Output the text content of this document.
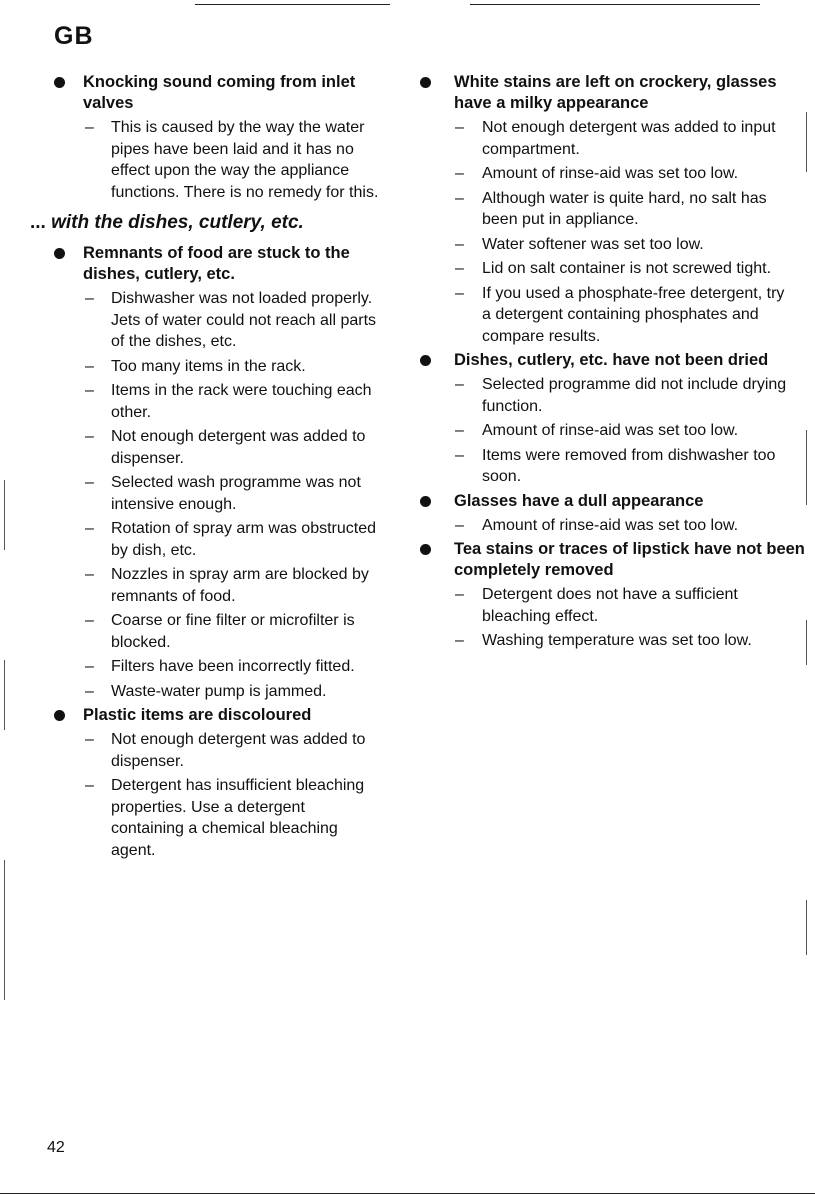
GB

Knocking sound coming from inlet valves

– This is caused by the way the water pipes have been laid and it has no effect upon the way the appliance functions. There is no remedy for this.
... with the dishes, cutlery, etc.

Remnants of food are stuck to the dishes, cutlery, etc.

– Dishwasher was not loaded properly. Jets of water could not reach all parts of the dishes, etc.
– Too many items in the rack.
– Items in the rack were touching each other.
– Not enough detergent was added to dispenser.
– Selected wash programme was not intensive enough.
– Rotation of spray arm was obstructed by dish, etc.
– Nozzles in spray arm are blocked by remnants of food.
– Coarse or fine filter or microfilter is blocked.
– Filters have been incorrectly fitted.
– Waste-water pump is jammed.

Plastic items are discoloured

– Not enough detergent was added to dispenser.
– Detergent has insufficient bleaching properties. Use a detergent containing a chemical bleaching agent.

White stains are left on crockery, glasses have a milky appearance

– Not enough detergent was added to input compartment.
– Amount of rinse-aid was set too low.
– Although water is quite hard, no salt has been put in appliance.
– Water softener was set too low.
– Lid on salt container is not screwed tight.
– If you used a phosphate-free detergent, try a detergent containing phosphates and compare results.

Dishes, cutlery, etc. have not been dried

– Selected programme did not include drying function.
– Amount of rinse-aid was set too low.
– Items were removed from dishwasher too soon.

Glasses have a dull appearance

– Amount of rinse-aid was set too low.

Tea stains or traces of lipstick have not been completely removed

– Detergent does not have a sufficient bleaching effect.
– Washing temperature was set too low.
42
